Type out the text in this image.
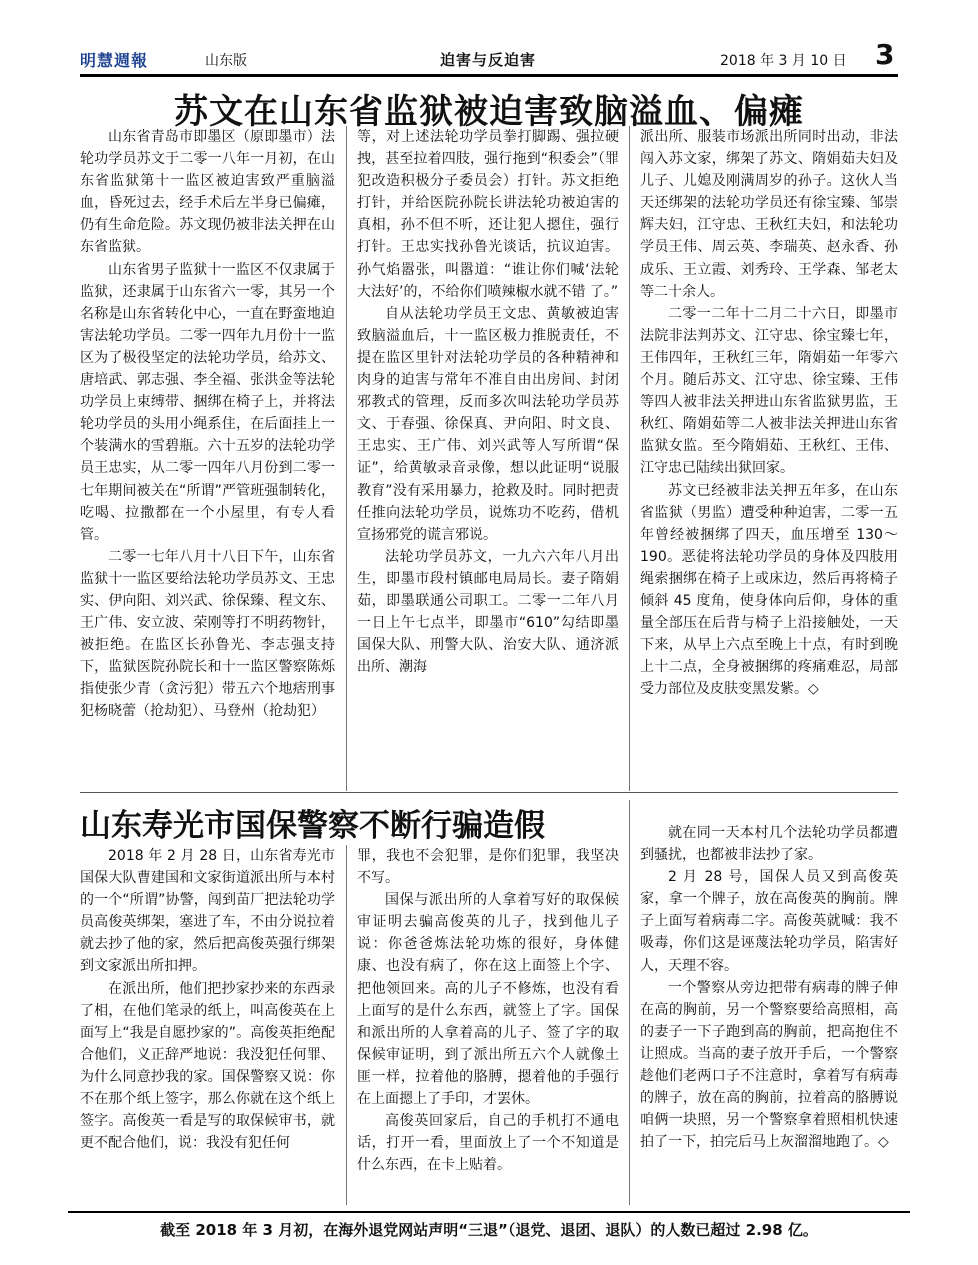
明慧週報	山东版	迫害与反迫害	2018 年 3 月 10 日 3
苏文在山东省监狱被迫害致脑溢血、偏瘫

山东省青岛市即墨区（原即墨市）法轮功学员苏文于二零一八年一月初，在山东省监狱第十一监区被迫害致严重脑溢血，昏死过去，经手术后左半身已偏瘫，仍有生命危险。苏文现仍被非法关押在山东省监狱。

山东省男子监狱十一监区不仅隶属于监狱，还隶属于山东省六一零，其另一个名称是山东省转化中心，一直在野蛮地迫害法轮功学员。二零一四年九月份十一监区为了极役坚定的法轮功学员，给苏文、唐培武、郭志强、李全福、张洪金等法轮功学员上束缚带、捆绑在椅子上，并将法轮功学员的头用小绳系住，在后面挂上一个装满水的雪碧瓶。六十五岁的法轮功学员王忠实，从二零一四年八月份到二零一七年期间被关在“所谓”严管班强制转化，吃喝、拉撒都在一个小屋里，有专人看管。

二零一七年八月十八日下午，山东省监狱十一监区要给法轮功学员苏文、王忠实、伊向阳、刘兴武、徐保臻、程文东、王广伟、安立波、荣刚等打不明药物针，被拒绝。在监区长孙鲁光、李志强支持下，监狱医院孙院长和十一监区警察陈烁指使张少青（贪污犯）带五六个地痞刑事犯杨晓蕾（抢劫犯）、马登州（抢劫犯）

等，对上述法轮功学员拳打脚踢、强拉硬拽，甚至拉着四肢，强行拖到“积委会”（罪犯改造积极分子委员会）打针。苏文拒绝打针，并给医院孙院长讲法轮功被迫害的真相，孙不但不听，还让犯人摁住，强行打针。王忠实找孙鲁光谈话，抗议迫害。孙气焰嚣张，叫嚣道：“谁让你们喊‘法轮大法好’的，不给你们喷辣椒水就不错 了。”

自从法轮功学员王文忠、黄敏被迫害致脑溢血后，十一监区极力推脱责任，不提在监区里针对法轮功学员的各种精神和肉身的迫害与常年不准自由出房间、封闭邪教式的管理，反而多次叫法轮功学员苏文、于春强、徐保真、尹向阳、时文良、王忠实、王广伟、刘兴武等人写所谓“保证”，给黄敏录音录像，想以此证明“说服教育”没有采用暴力，抢救及时。同时把责任推向法轮功学员，说炼功不吃药，借机宣扬邪党的谎言邪说。

法轮功学员苏文，一九六六年八月出生，即墨市段村镇邮电局局长。妻子隋娟茹，即墨联通公司职工。二零一二年八月一日上午七点半，即墨市“610”勾结即墨国保大队、刑警大队、治安大队、通济派出所、潮海

派出所、服装市场派出所同时出动，非法闯入苏文家，绑架了苏文、隋娟茹夫妇及儿子、儿媳及刚满周岁的孙子。这伙人当天还绑架的法轮功学员还有徐宝臻、邹崇辉夫妇，江守忠、王秋红夫妇，和法轮功学员王伟、周云英、李瑞英、赵永香、孙成乐、王立霞、刘秀玲、王学森、邹老太等二十余人。

二零一二年十二月二十六日，即墨市法院非法判苏文、江守忠、徐宝臻七年，王伟四年，王秋红三年，隋娟茹一年零六个月。随后苏文、江守忠、徐宝臻、王伟等四人被非法关押进山东省监狱男监，王秋红、隋娟茹等二人被非法关押进山东省监狱女监。至今隋娟茹、王秋红、王伟、江守忠已陆续出狱回家。

苏文已经被非法关押五年多，在山东省监狱（男监）遭受种种迫害，二零一五年曾经被捆绑了四天，血压增至 130～190。恶徒将法轮功学员的身体及四肢用绳索捆绑在椅子上或床边，然后再将椅子倾斜 45 度角，使身体向后仰，身体的重量全部压在后背与椅子上沿接触处，一天下来，从早上六点至晚上十点，有时到晚上十二点，全身被捆绑的疼痛难忍，局部受力部位及皮肤变黑发紫。◇

山东寿光市国保警察不断行骗造假

2018 年 2 月 28 日，山东省寿光市国保大队曹建国和文家街道派出所与本村的一个“所谓”协警，闯到苗厂把法轮功学员高俊英绑架，塞进了车，不由分说拉着就去抄了他的家，然后把高俊英强行绑架到文家派出所扣押。

在派出所，他们把抄家抄来的东西录了相，在他们笔录的纸上，叫高俊英在上面写上“我是自愿抄家的”。高俊英拒绝配合他们，义正辞严地说：我没犯任何罪、为什么同意抄我的家。国保警察又说：你不在那个纸上签字，那么你就在这个纸上签字。高俊英一看是写的取保候审书，就更不配合他们，说：我没有犯任何

罪，我也不会犯罪，是你们犯罪，我坚决不写。

国保与派出所的人拿着写好的取保候审证明去骗高俊英的儿子，找到他儿子说：你爸爸炼法轮功炼的很好，身体健康、也没有病了，你在这上面签上个字、把他领回来。高的儿子不修炼，也没有看上面写的是什么东西，就签上了字。国保和派出所的人拿着高的儿子、签了字的取保候审证明，到了派出所五六个人就像土匪一样，拉着他的胳膊，摁着他的手强行在上面摁上了手印，才罢休。

高俊英回家后，自己的手机打不通电话，打开一看，里面放上了一个不知道是什么东西，在卡上贴着。

就在同一天本村几个法轮功学员都遭到骚扰，也都被非法抄了家。

2 月 28 号，国保人员又到高俊英家，拿一个牌子，放在高俊英的胸前。牌子上面写着病毒二字。高俊英就喊：我不吸毒，你们这是诬蔑法轮功学员，陷害好人，天理不容。

一个警察从旁边把带有病毒的牌子伸在高的胸前，另一个警察要给高照相，高的妻子一下子跑到高的胸前，把高抱住不让照成。当高的妻子放开手后，一个警察趁他们老两口子不注意时，拿着写有病毒的牌子，放在高的胸前，拉着高的胳膊说咱俩一块照，另一个警察拿着照相机快速拍了一下，拍完后马上灰溜溜地跑了。◇

截至 2018 年 3 月初，在海外退党网站声明“三退”（退党、退团、退队）的人数已超过 2.98 亿。
